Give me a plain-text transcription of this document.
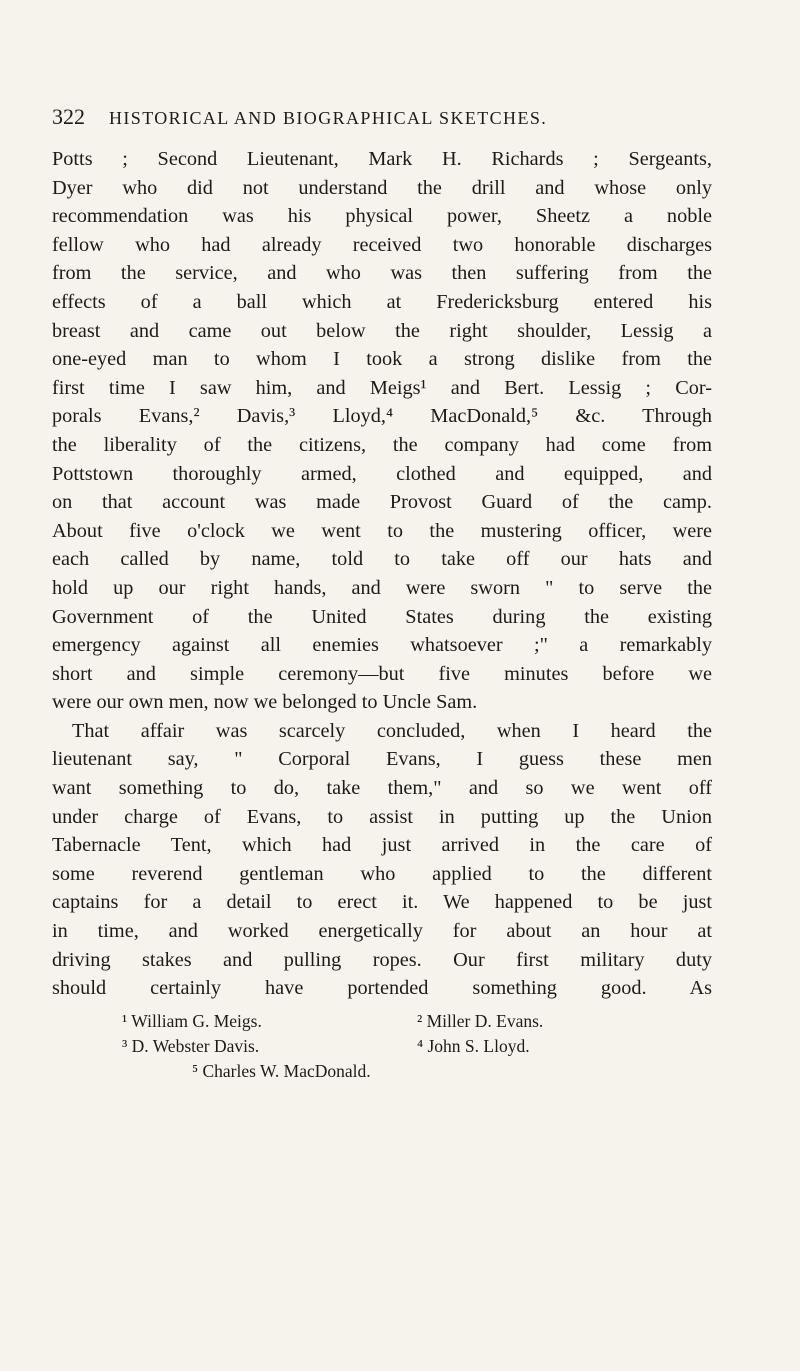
322 HISTORICAL AND BIOGRAPHICAL SKETCHES.
Potts ; Second Lieutenant, Mark H. Richards ; Sergeants,
Dyer who did not understand the drill and whose only
recommendation was his physical power, Sheetz a noble
fellow who had already received two honorable discharges
from the service, and who was then suffering from the
effects of a ball which at Fredericksburg entered his
breast and came out below the right shoulder, Lessig a
one-eyed man to whom I took a strong dislike from the
first time I saw him, and Meigs¹ and Bert. Lessig ; Cor-
porals Evans,² Davis,³ Lloyd,⁴ MacDonald,⁵ &c. Through
the liberality of the citizens, the company had come from
Pottstown thoroughly armed, clothed and equipped, and
on that account was made Provost Guard of the camp.
About five o'clock we went to the mustering officer, were
each called by name, told to take off our hats and
hold up our right hands, and were sworn " to serve the
Government of the United States during the existing
emergency against all enemies whatsoever ;" a remarkably
short and simple ceremony—but five minutes before we
were our own men, now we belonged to Uncle Sam.
That affair was scarcely concluded, when I heard the
lieutenant say, " Corporal Evans, I guess these men
want something to do, take them," and so we went off
under charge of Evans, to assist in putting up the Union
Tabernacle Tent, which had just arrived in the care of
some reverend gentleman who applied to the different
captains for a detail to erect it. We happened to be just
in time, and worked energetically for about an hour at
driving stakes and pulling ropes. Our first military duty
should certainly have portended something good. As
¹ William G. Meigs.	² Miller D. Evans.
³ D. Webster Davis.	⁴ John S. Lloyd.
⁵ Charles W. MacDonald.
